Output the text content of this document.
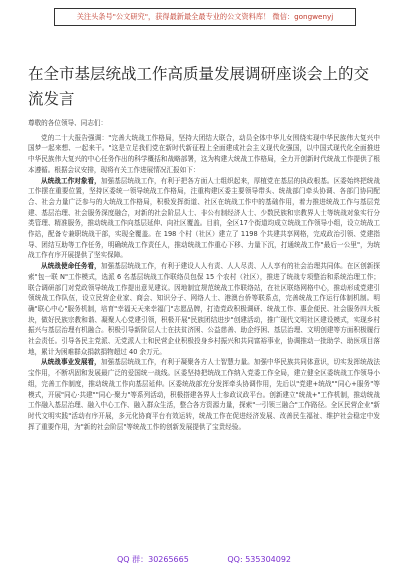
关注头条号"公文研究"，获得最新最全最专业的公文资料库！ 微信：gongwenyj
在全市基层统战工作高质量发展调研座谈会上的交流发言

尊敬的各位领导、同志们：

党的二十大报告强调："完善大统战工作格局，坚持大团结大联合，动员全体中华儿女围绕实现中华民族伟大复兴中国梦一起来想、一起来干。"这是立足我们党在新时代新征程上全面建成社会主义现代化强国，以中国式现代化全面推进中华民族伟大复兴的中心任务作出的科学概括和战略部署，这为构建大统战工作格局，全力开创新时代统战工作提供了根本遵循。根据会议安排，现将有关工作进展情况汇报如下：

从统战工作对象看，加强基层统战工作，有利于把各方面人士组织起来，厚植党在基层的执政根基。区委始终把统战工作摆在重要位置，坚持区委统一领导统战工作格局，注重构建区委主要领导带头、统战部门牵头协调、各部门协同配合、社会力量广泛参与的大统战工作格局，积极发挥街道、社区在统战工作中的基础作用，着力推进统战工作与基层党建、基层治理、社会服务深度融合，对新的社会阶层人士、非公有制经济人士、少数民族和宗教界人士等统战对象实行分类管理、精准服务，推动统战工作向基层延伸、向社区覆盖。目前，全区17个街道均成立统战工作领导小组，设立统战工作站，配备专兼职统战干部，实现全覆盖。在 198 个村（社区）建立了 1198 个共建共享网格，完成政治引领、党建指导、团结互助等工作任务，明确统战工作责任人，推动统战工作重心下移、力量下沉，打通统战工作"最后一公里"，为统战工作有序开展提供了坚实保障。

从统战使命任务看，加强基层统战工作，有利于建设人人有责、人人尽责、人人享有的社会治理共同体。在区创新探索"包一联 N"工作模式，选派 6 名基层统战工作联络员包保 15 个农村（社区），推进了统战专项整治和系统治理工作；联合调研部门对党政领导统战工作提出意见建议。因地制宜规范统战工作联络站，在社区联络网格中心，推动形成党建引领统战工作队伍，设立民营企业家、商会、知识分子、网络人士、港澳台侨等联系点，完善统战工作运行体制机制。明确"联心中心"服务机制，培育"幸福天天来幸福门"志愿品牌，打造党政积极调研、统战工作、惠企便民、社会服务四大板块，做好民族宗教和谐、凝聚人心党建引领，积极开展"民族团结进步"创建活动，推广现代文明社区建设模式，实现乡村振兴与基层治理有机融合。积极引导新阶层人士在扶贫济困、公益慈善、助企纾困、基层治理、文明创建等方面积极履行社会责任。引导各民主党派、无党派人士和民营企业积极投身乡村振兴和共同富裕事业，协调推动一批助学、助医项目落地，累计为困难群众捐款捐物超过 40 余万元。

从统战事业发展看，加强基层统战工作，有利于凝聚各方人士智慧力量。加强中华民族共同体意识，切实发挥统战法宝作用，不断巩固和发展最广泛的爱国统一战线。区委坚持把统战工作纳入党委工作全局，建立健全区委统战工作领导小组，完善工作制度，推动统战工作向基层延伸。区委统战部充分发挥牵头协调作用，先后以"党建+统战""同心+服务"等模式，开展"同心·共建""同心·聚力"等系列活动，积极搭建各界人士参政议政平台。创新建立"统战+"工作机制，推动统战工作融入基层治理、融入中心工作、融入群众生活，整合各方资源力量，探索"一引领三融合"工作路径。全区民营企业"新时代文明实践"活动有序开展，多元化协商平台有效运转，统战工作在促进经济发展、改善民生福祉、维护社会稳定中发挥了重要作用，为"新的社会阶层"等统战工作的创新发展提供了宝贵经验。

QQ 群：30265665	QQ: 535304092
